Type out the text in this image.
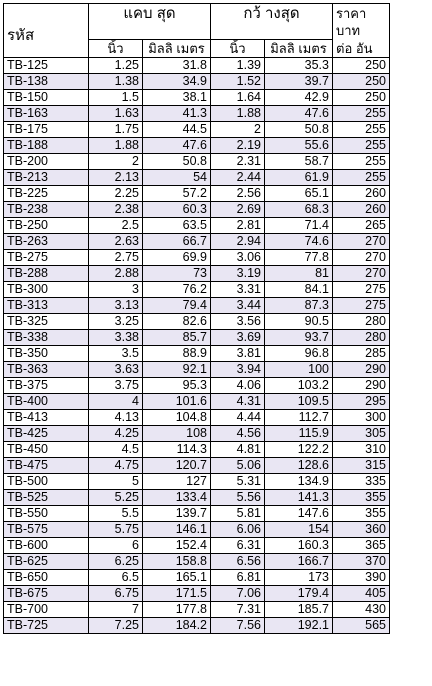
รหัส	แคบ สุด		กว้ างสุด		ราคา
บาท

	นิ้ว	มิลลิ เมตร	นิ้ว	มิลลิ เมตร	ต่อ อัน
TB-125	1.25	31.8	1.39	35.3	250
TB-138	1.38	34.9	1.52	39.7	250
TB-150	1.5	38.1	1.64	42.9	250
TB-163	1.63	41.3	1.88	47.6	255
TB-175	1.75	44.5	2	50.8	255
TB-188	1.88	47.6	2.19	55.6	255
TB-200	2	50.8	2.31	58.7	255
TB-213	2.13	54	2.44	61.9	255
TB-225	2.25	57.2	2.56	65.1	260
TB-238	2.38	60.3	2.69	68.3	260
TB-250	2.5	63.5	2.81	71.4	265
TB-263	2.63	66.7	2.94	74.6	270
TB-275	2.75	69.9	3.06	77.8	270
TB-288	2.88	73	3.19	81	270
TB-300	3	76.2	3.31	84.1	275
TB-313	3.13	79.4	3.44	87.3	275
TB-325	3.25	82.6	3.56	90.5	280
TB-338	3.38	85.7	3.69	93.7	280
TB-350	3.5	88.9	3.81	96.8	285
TB-363	3.63	92.1	3.94	100	290
TB-375	3.75	95.3	4.06	103.2	290
TB-400	4	101.6	4.31	109.5	295
TB-413	4.13	104.8	4.44	112.7	300
TB-425	4.25	108	4.56	115.9	305
TB-450	4.5	114.3	4.81	122.2	310
TB-475	4.75	120.7	5.06	128.6	315
TB-500	5	127	5.31	134.9	335
TB-525	5.25	133.4	5.56	141.3	355
TB-550	5.5	139.7	5.81	147.6	355
TB-575	5.75	146.1	6.06	154	360
TB-600	6	152.4	6.31	160.3	365
TB-625	6.25	158.8	6.56	166.7	370
TB-650	6.5	165.1	6.81	173	390
TB-675	6.75	171.5	7.06	179.4	405
TB-700	7	177.8	7.31	185.7	430
TB-725	7.25	184.2	7.56	192.1	565
